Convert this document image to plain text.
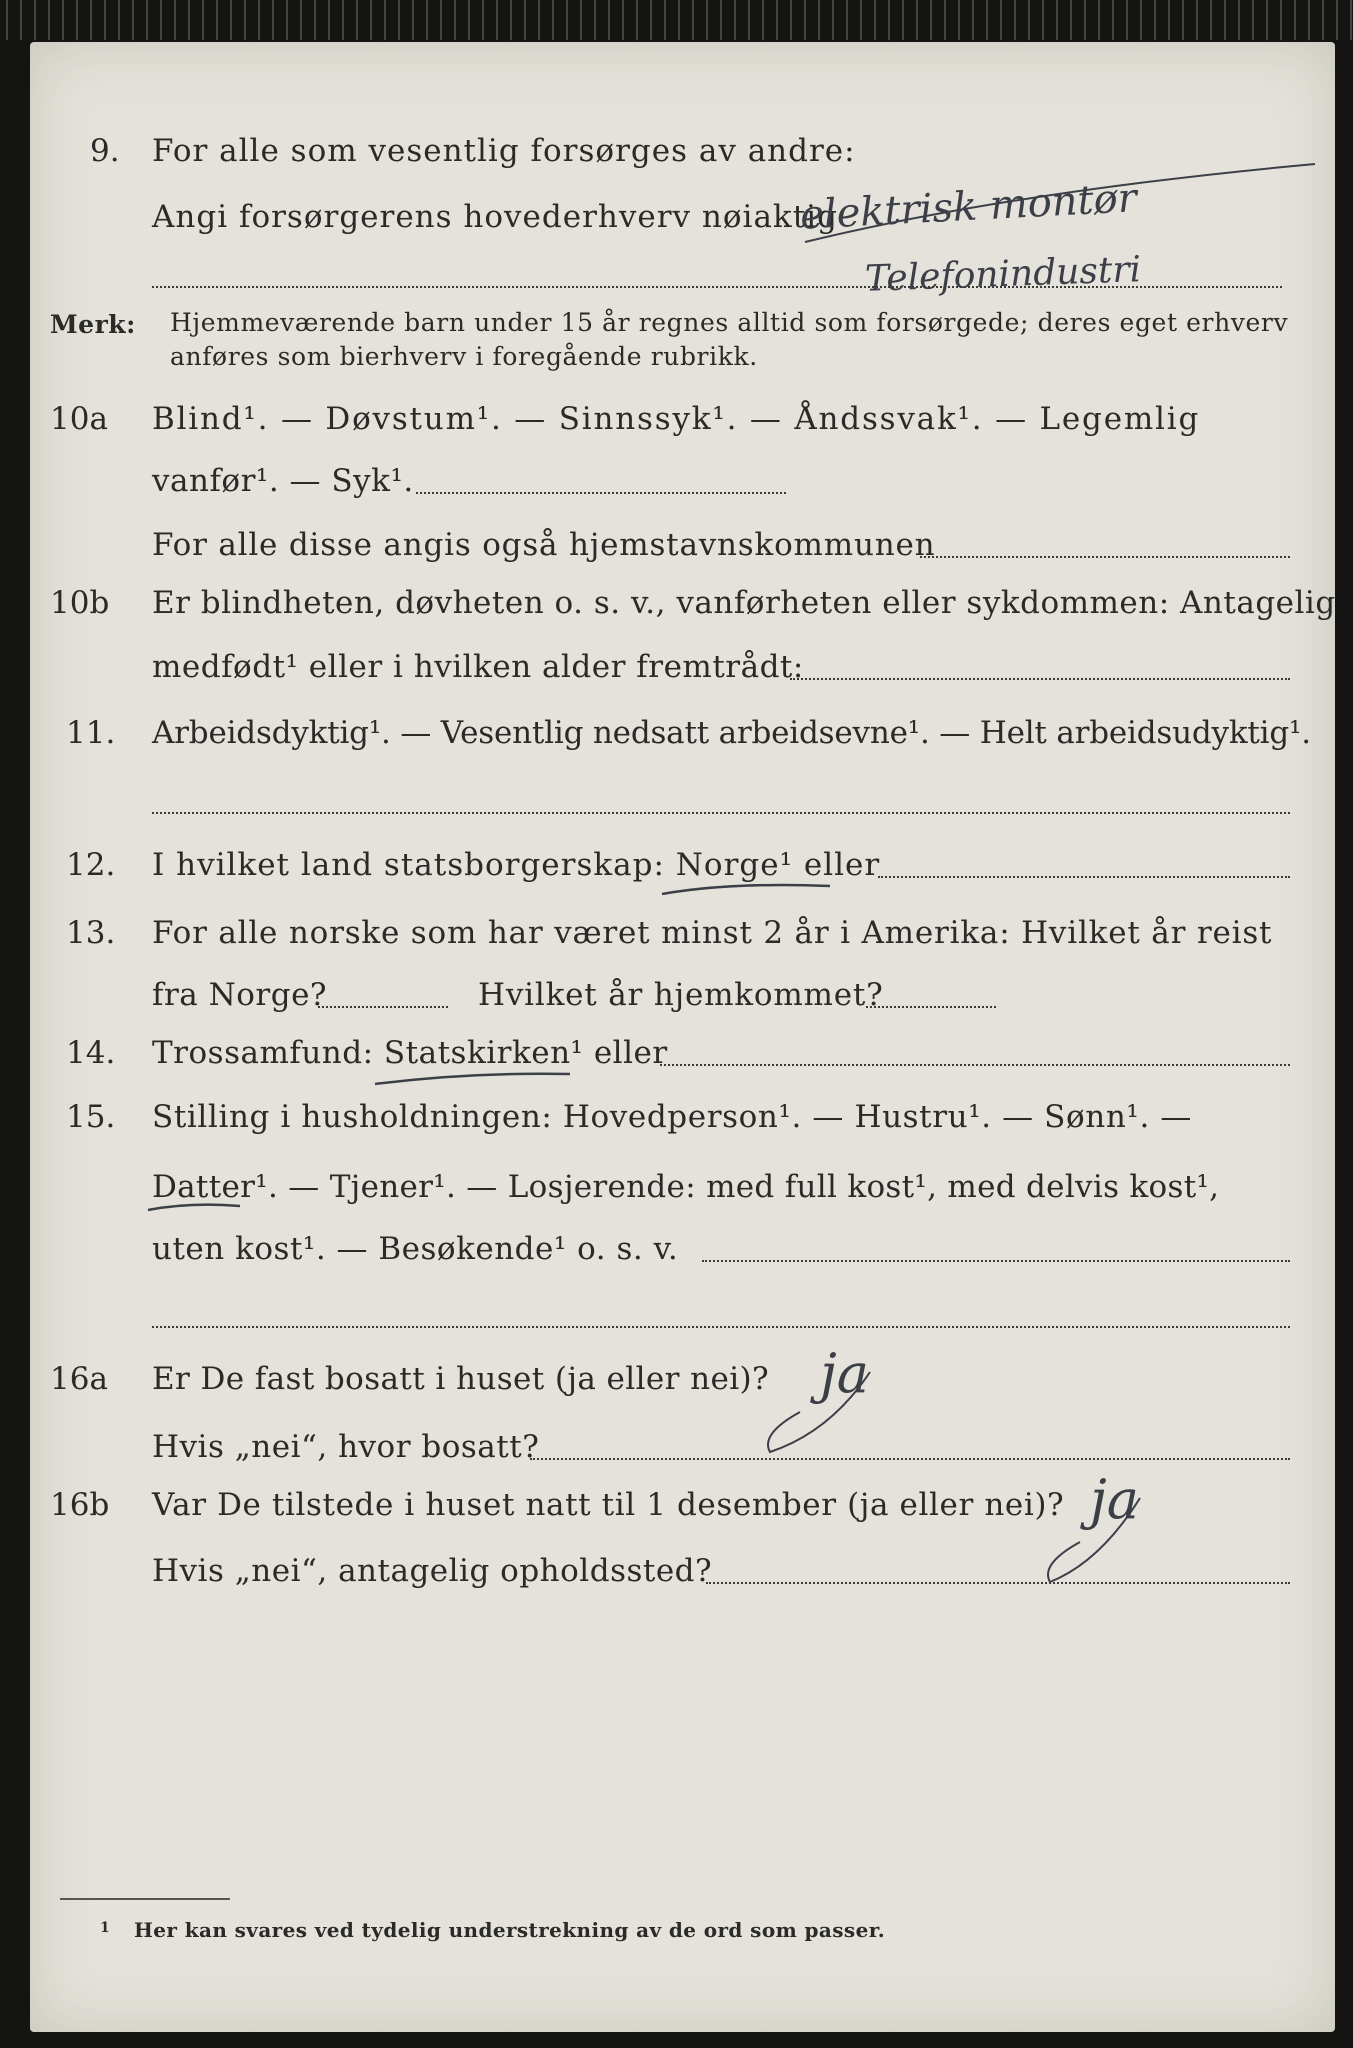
9. For alle som vesentlig forsørges av andre:
Angi forsørgerens hovederhverv nøiaktig
elektrisk montør
Telefonindustri
Merk: Hjemmeværende barn under 15 år regnes alltid som forsørgede; deres eget erhverv
anføres som bierhverv i foregående rubrikk.
10a Blind¹. — Døvstum¹. — Sinnssyk¹. — Åndssvak¹. — Legemlig
vanfør¹. — Syk¹.
For alle disse angis også hjemstavnskommunen
10b Er blindheten, døvheten o. s. v., vanførheten eller sykdommen: Antagelig
medfødt¹ eller i hvilken alder fremtrådt:
11. Arbeidsdyktig¹. — Vesentlig nedsatt arbeidsevne¹. — Helt arbeidsudyktig¹.
12. I hvilket land statsborgerskap: Norge¹ eller
13. For alle norske som har været minst 2 år i Amerika: Hvilket år reist
fra Norge?	Hvilket år hjemkommet?
14. Trossamfund: Statskirken¹ eller
15. Stilling i husholdningen: Hovedperson¹. — Hustru¹. — Sønn¹. —
Datter¹. — Tjener¹. — Losjerende: med full kost¹, med delvis kost¹,
uten kost¹. — Besøkende¹ o. s. v.
16a Er De fast bosatt i huset (ja eller nei)? ja
Hvis „nei“, hvor bosatt?
16b Var De tilstede i huset natt til 1 desember (ja eller nei)? ja
Hvis „nei“, antagelig opholdssted?
1 Her kan svares ved tydelig understrekning av de ord som passer.
